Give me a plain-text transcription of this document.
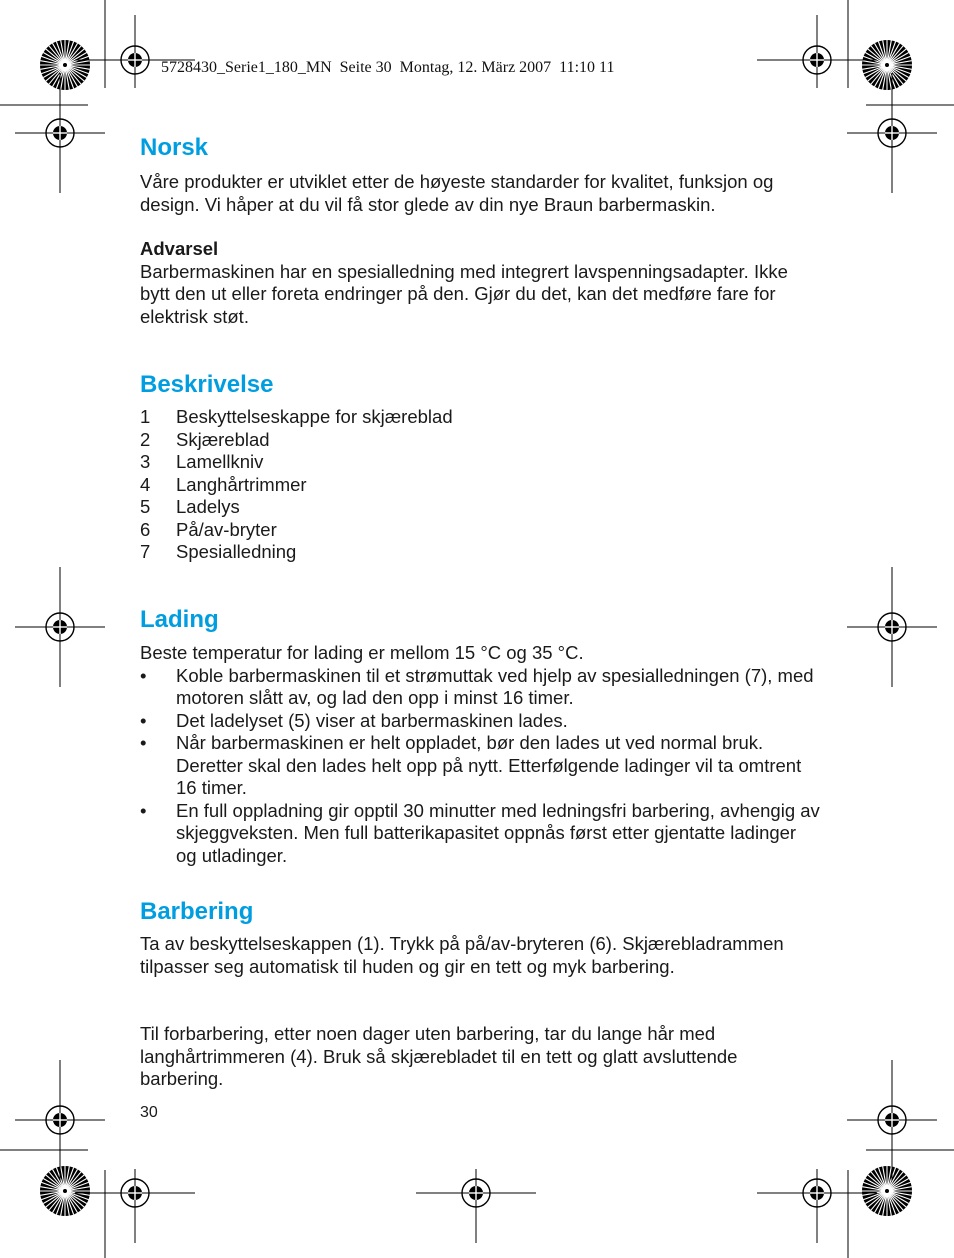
5728430_Serie1_180_MN  Seite 30  Montag, 12. März 2007  11:10 11
Norsk

Våre produkter er utviklet etter de høyeste standarder for kvalitet, funksjon og design. Vi håper at du vil få stor glede av din nye Braun barbermaskin.

Advarsel

Barbermaskinen har en spesialledning med integrert lavspenningsadapter. Ikke bytt den ut eller foreta endringer på den. Gjør du det, kan det medføre fare for elektrisk støt.

Beskrivelse
1 Beskyttelseskappe for skjæreblad
2 Skjæreblad
3 Lamellkniv
4 Langhårtrimmer
5 Ladelys
6 På/av-bryter
7 Spesialledning
Lading

Beste temperatur for lading er mellom 15 °C og 35 °C.

• Koble barbermaskinen til et strømuttak ved hjelp av spesialledningen (7), med motoren slått av, og lad den opp i minst 16 timer.
• Det ladelyset (5) viser at barbermaskinen lades.
• Når barbermaskinen er helt oppladet, bør den lades ut ved normal bruk. Deretter skal den lades helt opp på nytt. Etterfølgende ladinger vil ta omtrent 16 timer.
• En full oppladning gir opptil 30 minutter med ledningsfri barbering, avhengig av skjeggveksten. Men full batterikapasitet oppnås først etter gjentatte ladinger og utladinger.
Barbering

Ta av beskyttelseskappen (1). Trykk på på/av-bryteren (6). Skjærebladrammen tilpasser seg automatisk til huden og gir en tett og myk barbering.

Til forbarbering, etter noen dager uten barbering, tar du lange hår med langhårtrimmeren (4). Bruk så skjærebladet til en tett og glatt avsluttende barbering.

30
